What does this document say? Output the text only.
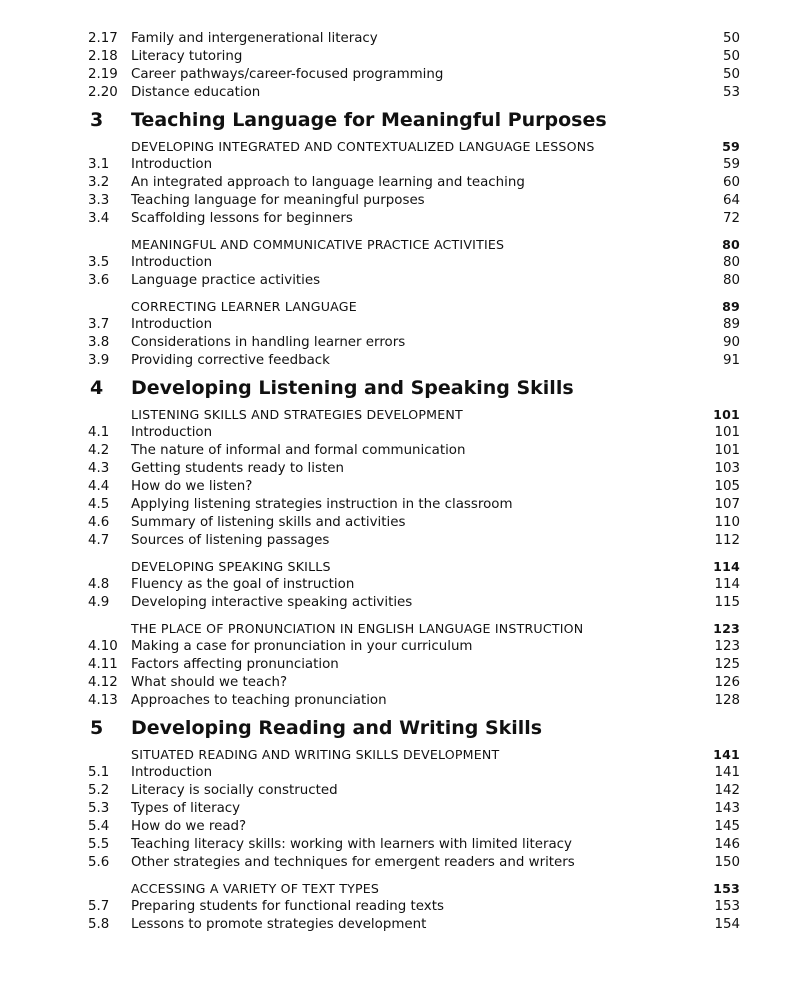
2.17 Family and intergenerational literacy	50
2.18 Literacy tutoring	50
2.19 Career pathways/career-focused programming	50
2.20 Distance education	53
3 Teaching Language for Meaningful Purposes
DEVELOPING INTEGRATED AND CONTEXTUALIZED LANGUAGE LESSONS	59
3.1 Introduction	59
3.2 An integrated approach to language learning and teaching	60
3.3 Teaching language for meaningful purposes	64
3.4 Scaffolding lessons for beginners	72
MEANINGFUL AND COMMUNICATIVE PRACTICE ACTIVITIES	80
3.5 Introduction	80
3.6 Language practice activities	80
CORRECTING LEARNER LANGUAGE	89
3.7 Introduction	89
3.8 Considerations in handling learner errors	90
3.9 Providing corrective feedback	91
4 Developing Listening and Speaking Skills
LISTENING SKILLS AND STRATEGIES DEVELOPMENT	101
4.1 Introduction	101
4.2 The nature of informal and formal communication	101
4.3 Getting students ready to listen	103
4.4 How do we listen?	105
4.5 Applying listening strategies instruction in the classroom	107
4.6 Summary of listening skills and activities	110
4.7 Sources of listening passages	112
DEVELOPING SPEAKING SKILLS	114
4.8 Fluency as the goal of instruction	114
4.9 Developing interactive speaking activities	115
THE PLACE OF PRONUNCIATION IN ENGLISH LANGUAGE INSTRUCTION	123
4.10 Making a case for pronunciation in your curriculum	123
4.11 Factors affecting pronunciation	125
4.12 What should we teach?	126
4.13 Approaches to teaching pronunciation	128
5 Developing Reading and Writing Skills
SITUATED READING AND WRITING SKILLS DEVELOPMENT	141
5.1 Introduction	141
5.2 Literacy is socially constructed	142
5.3 Types of literacy	143
5.4 How do we read?	145
5.5 Teaching literacy skills: working with learners with limited literacy	146
5.6 Other strategies and techniques for emergent readers and writers	150
ACCESSING A VARIETY OF TEXT TYPES	153
5.7 Preparing students for functional reading texts	153
5.8 Lessons to promote strategies development	154
